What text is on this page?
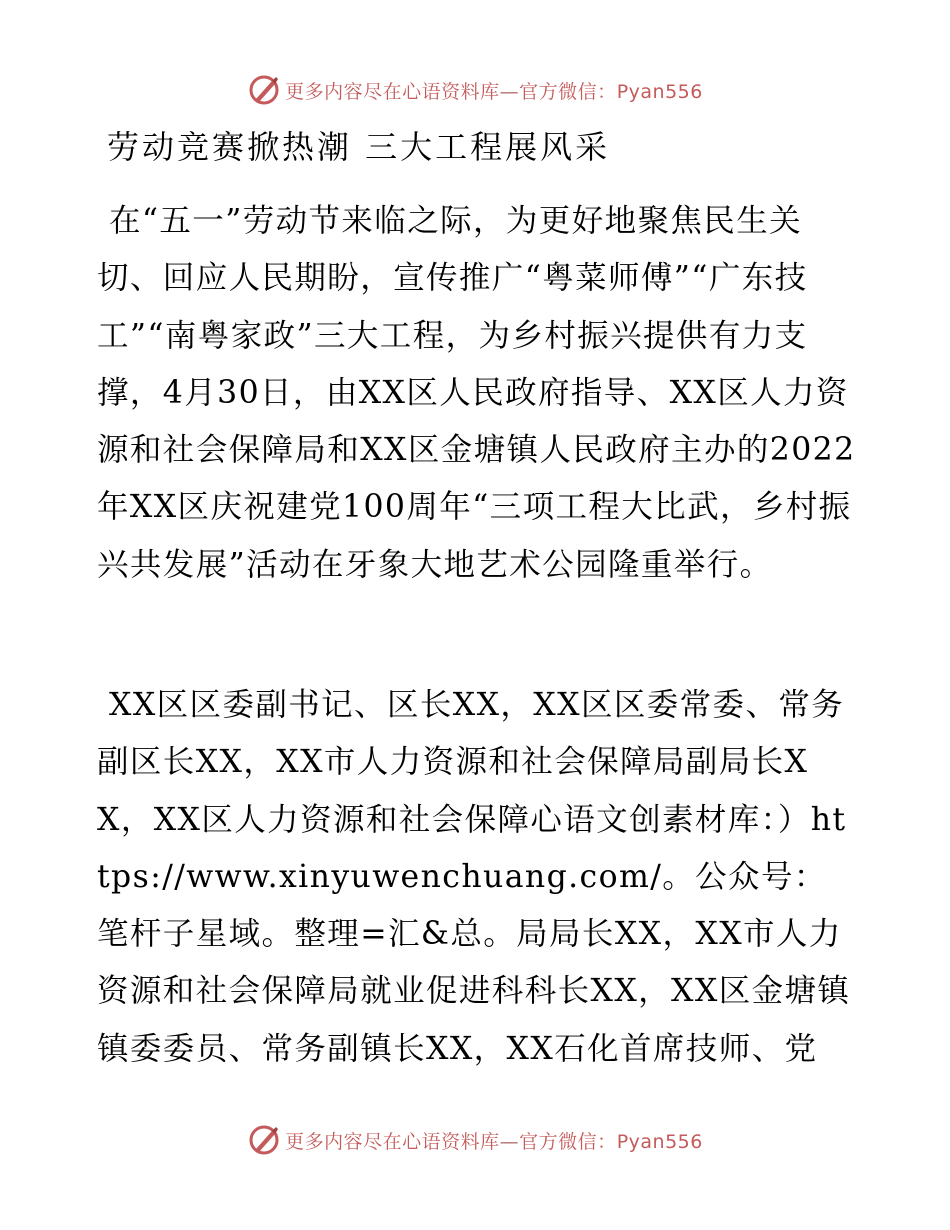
更多内容尽在心语资料库—官方微信：Pyan556
劳动竞赛掀热潮 三大工程展风采

在“五一”劳动节来临之际，为更好地聚焦民生关切、回应人民期盼，宣传推广“粤菜师傅”“广东技工”“南粤家政”三大工程，为乡村振兴提供有力支撑，4月30日，由XX区人民政府指导、XX区人力资源和社会保障局和XX区金塘镇人民政府主办的2022年XX区庆祝建党100周年“三项工程大比武，乡村振兴共发展”活动在牙象大地艺术公园隆重举行。

XX区区委副书记、区长XX，XX区区委常委、常务副区长XX，XX市人力资源和社会保障局副局长XX，XX区人力资源和社会保障心语文创素材库：）https://www.xinyuwenchuang.com/。公众号：笔杆子星域。整理=汇&总。局局长XX，XX市人力资源和社会保障局就业促进科科长XX，XX区金塘镇镇委委员、常务副镇长XX，XX石化首席技师、党

更多内容尽在心语资料库—官方微信：Pyan556
